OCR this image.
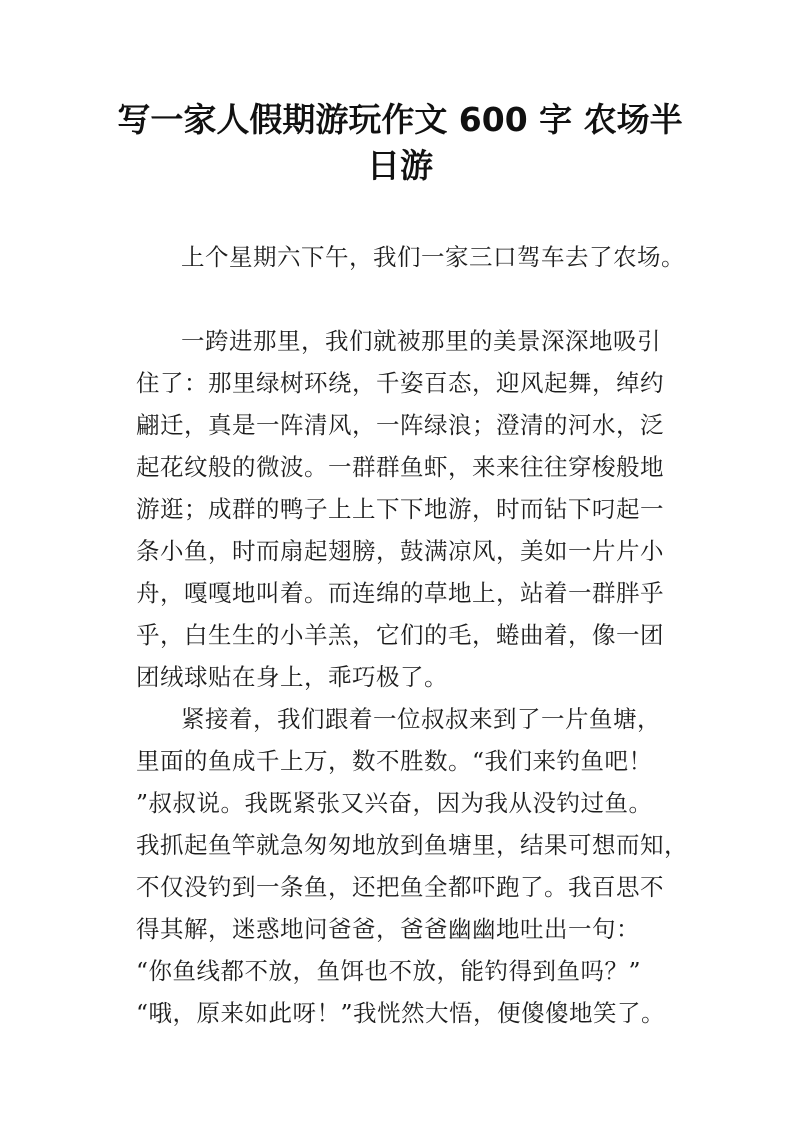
写一家人假期游玩作文 600 字 农场半
日游
上个星期六下午，我们一家三口驾车去了农场。
一跨进那里，我们就被那里的美景深深地吸引
住了：那里绿树环绕，千姿百态，迎风起舞，绰约
翩迁，真是一阵清风，一阵绿浪；澄清的河水，泛
起花纹般的微波。一群群鱼虾，来来往往穿梭般地
游逛；成群的鸭子上上下下地游，时而钻下叼起一
条小鱼，时而扇起翅膀，鼓满凉风，美如一片片小
舟，嘎嘎地叫着。而连绵的草地上，站着一群胖乎
乎，白生生的小羊羔，它们的毛，蜷曲着，像一团
团绒球贴在身上，乖巧极了。
紧接着，我们跟着一位叔叔来到了一片鱼塘，
里面的鱼成千上万，数不胜数。“我们来钓鱼吧！
”叔叔说。我既紧张又兴奋，因为我从没钓过鱼。
我抓起鱼竿就急匆匆地放到鱼塘里，结果可想而知，
不仅没钓到一条鱼，还把鱼全都吓跑了。我百思不
得其解，迷惑地问爸爸，爸爸幽幽地吐出一句：
“你鱼线都不放，鱼饵也不放，能钓得到鱼吗？”
“哦，原来如此呀！”我恍然大悟，便傻傻地笑了。
